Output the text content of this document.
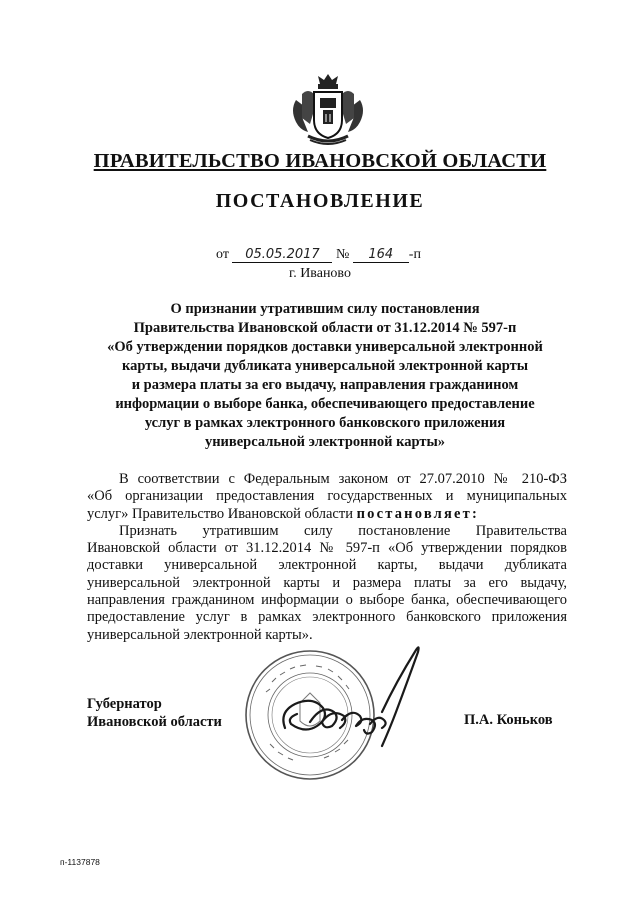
ПРАВИТЕЛЬСТВО ИВАНОВСКОЙ ОБЛАСТИ
ПОСТАНОВЛЕНИЕ
от 05.05.2017 № 164 -п
г. Иваново
О признании утратившим силу постановления
Правительства Ивановской области от 31.12.2014 № 597-п
«Об утверждении порядков доставки универсальной электронной
карты, выдачи дубликата универсальной электронной карты
и размера платы за его выдачу, направления гражданином
информации о выборе банка, обеспечивающего предоставление
услуг в рамках электронного банковского приложения
универсальной электронной карты»
В соответствии с Федеральным законом от 27.07.2010 № 210-ФЗ
«Об организации предоставления государственных и муниципальных
услуг» Правительство Ивановской области постановляет:
Признать утратившим силу постановление Правительства
Ивановской области от 31.12.2014 № 597-п «Об утверждении порядков
доставки универсальной электронной карты, выдачи дубликата
универсальной электронной карты и размера платы за его выдачу,
направления гражданином информации о выборе банка, обеспечивающего
предоставление услуг в рамках электронного банковского приложения
универсальной электронной карты».
Губернатор
Ивановской области	П.А. Коньков
п-1137878
